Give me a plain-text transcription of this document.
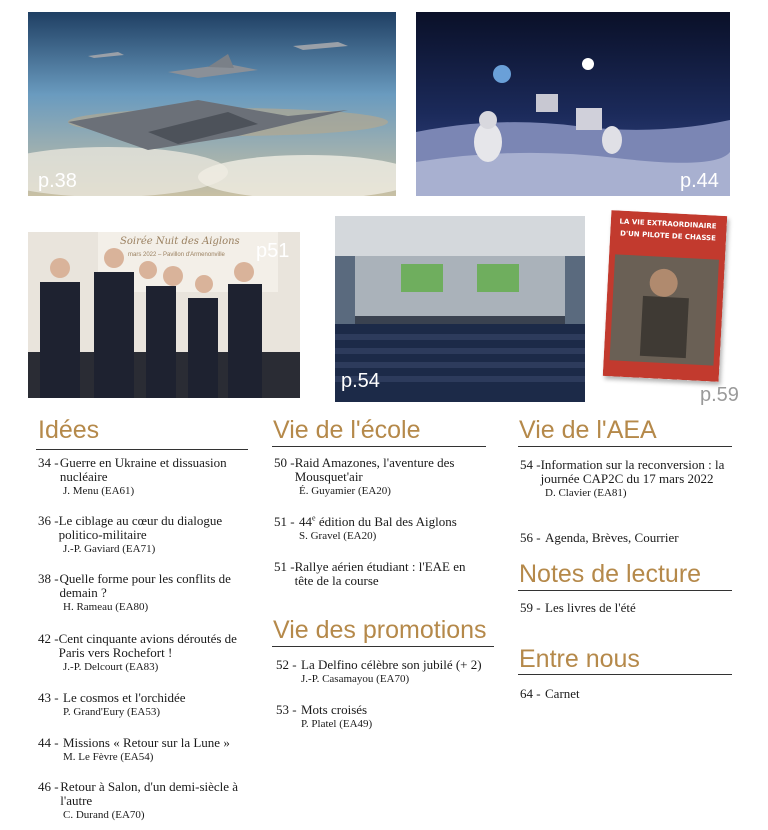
p.38	p.44
Soirée Nuit des Aiglons
mars 2022 – Pavillon d'Armenonville p51
p.54
LA VIE EXTRAORDINAIRE
D'UN PILOTE DE CHASSE
p.59
Idées
34 - Guerre en Ukraine et dissuasion nucléaire
J. Menu (EA61)
36 - Le ciblage au cœur du dialogue politico-militaire
J.-P. Gaviard (EA71)
38 - Quelle forme pour les conflits de demain ?
H. Rameau (EA80)
42 - Cent cinquante avions déroutés de Paris vers Rochefort !
J.-P. Delcourt (EA83)
43 - Le cosmos et l'orchidée
P. Grand'Eury (EA53)
44 - Missions « Retour sur la Lune »
M. Le Fèvre (EA54)
46 - Retour à Salon, d'un demi-siècle à l'autre
C. Durand (EA70)
Vie de l'école
50 - Raid Amazones, l'aventure des Mousquet'air
É. Guyamier (EA20)
51 - 44e édition du Bal des Aiglons
S. Gravel (EA20)
51 - Rallye aérien étudiant : l'EAE en tête de la course
Vie des promotions
52 - La Delfino célèbre son jubilé (+ 2)
J.-P. Casamayou (EA70)
53 - Mots croisés
P. Platel (EA49)
Vie de l'AEA
54 - Information sur la reconversion : la journée CAP2C du 17 mars 2022
D. Clavier (EA81)
56 - Agenda, Brèves, Courrier
Notes de lecture
59 - Les livres de l'été
Entre nous
64 - Carnet
